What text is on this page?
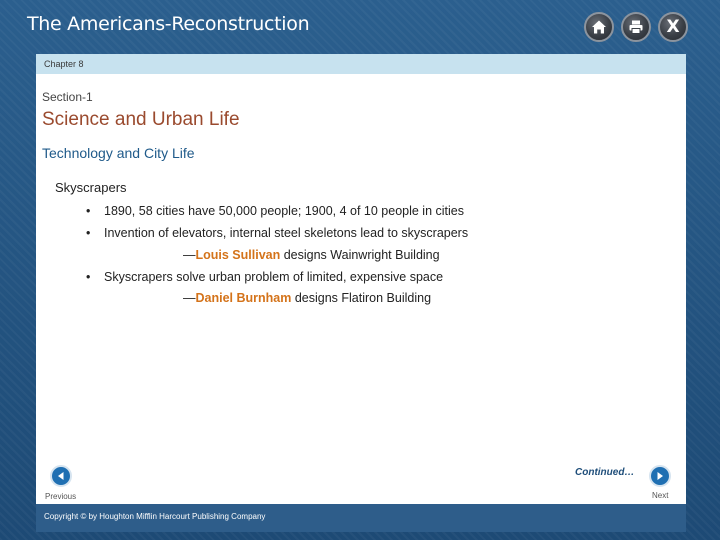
The Americans-Reconstruction	X
Chapter 8
Section-1
Science and Urban Life
Technology and City Life
Skyscrapers
• 1890, 58 cities have 50,000 people; 1900, 4 of 10 people in cities
• Invention of elevators, internal steel skeletons lead to skyscrapers
—Louis Sullivan designs Wainwright Building
• Skyscrapers solve urban problem of limited, expensive space
—Daniel Burnham designs Flatiron Building
Continued…
Previous	Next
Copyright © by Houghton Mifflin Harcourt Publishing Company
